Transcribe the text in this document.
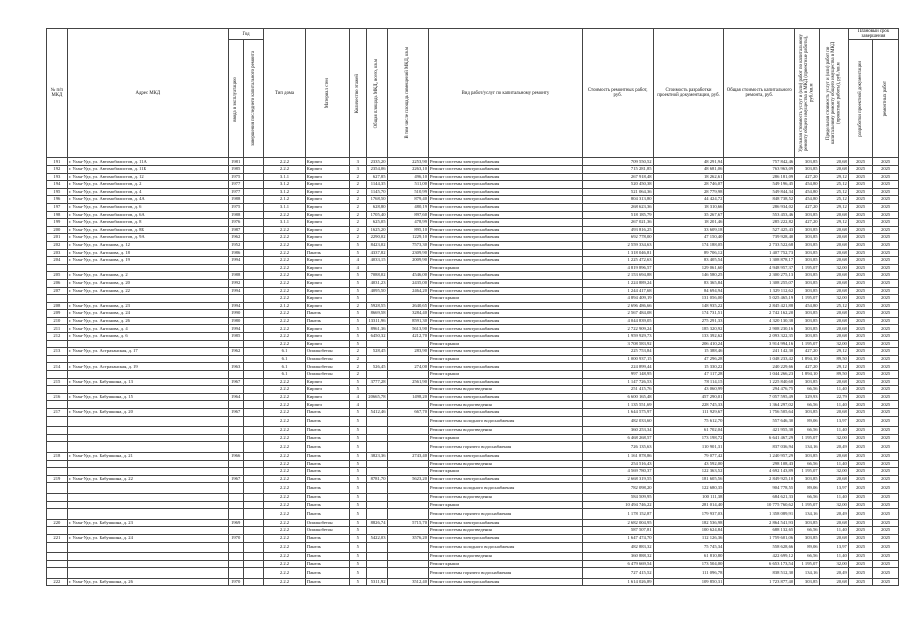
№ п/п МКД	Адрес МКД	Год		Тип дома	Материал стен	Количество этажей	Общая площадь МКД, всего, кв.м	В том числе площадь помещений МКД, кв.м	Вид работ/услуг по капитальному ремонту	Стоимость ремонтных работ, руб.	Стоимость разработки проектной документации, руб.	Общая стоимость капитального ремонта, руб.	Удельная стоимость услуг и (или) работ по капитальному ремонту общего имущества в МКД (проектные работы), руб./кв.м	Предельная стоимость услуг и (или) работ по капитальному ремонту общего имущества в МКД (проектные работы), руб./кв.м	Плановый срок завершения	

		ввода в эксплуатацию	завершения последнего капитального ремонта												разработки проектной документации	ремонтных работ

191	г. Улан-Удэ, ул. Автомобилистов, д. 11А	1981		2.2.2	Кирпич	3	2335,20	2253,90	Ремонт системы электроснабжения	709 550,52	48 291,94	757 842,46	303,85	20,68	2025	2025
192	г. Улан-Удэ, ул. Автомобилистов, д. 11Б	1985		2.2.2	Кирпич	3	2354,06	2263,10	Ремонт системы электроснабжения	715 281,85	48 681,06	763 963,09	303,85	20,68	2025	2025
193	г. Улан-Удэ, ул. Автомобилистов, д. 12	1975		3.1.1	Кирпич	2	627,85	496,10	Ремонт системы электроснабжения	267 918,48	18 262,61	286 181,09	427,20	29,12	2025	2025
194	г. Улан-Удэ, ул. Автомобилистов, д. 2	1977		3.1.2	Кирпич	2	1144,35	511,00	Ремонт системы электроснабжения	520 450,38	28 746,07	549 196,45	454,80	25,12	2025	2025
195	г. Улан-Удэ, ул. Автомобилистов, д. 4	1977		3.1.2	Кирпич	2	1145,70	510,99	Ремонт системы электроснабжения	521 064,36	28 779,98	549 844,34	454,80	25,12	2025	2025
196	г. Улан-Удэ, ул. Автомобилистов, д. 4А	1988		2.1.2	Кирпич	2	1768,50	879,40	Ремонт системы электроснабжения	804 313,80	44 424,72	848 738,52	454,80	25,12	2025	2025
197	г. Улан-Удэ, ул. Автомобилистов, д. 6	1975		3.1.1	Кирпич	2	628,80	480,19	Ремонт системы электроснабжения	268 623,36	18 310,66	286 934,02	427,20	29,12	2025	2025
198	г. Улан-Удэ, ул. Автомобилистов, д. 6А	1988		2.2.2	Кирпич	2	1705,40	897,60	Ремонт системы электроснабжения	518 185,79	35 267,67	553 453,46	303,85	20,68	2025	2025
199	г. Улан-Удэ, ул. Автомобилистов, д. 8	1976		3.1.1	Кирпич	2	625,05	478,99	Ремонт системы электроснабжения	267 021,36	18 201,46	285 222,82	427,20	29,12	2025	2025
200	г. Улан-Удэ, ул. Автомобилистов, д. 8Б	1987		2.2.2	Кирпич	2	1625,20	895,10	Ремонт системы электроснабжения	493 816,25	33 609,18	527 425,43	303,85	20,68	2025	2025
201	г. Улан-Удэ, ул. Автомобилистов, д. 9А	1962		2.2.2	Кирпич	2	2290,02	1229,10	Ремонт системы электроснабжения	692 778,00	47 150,40	739 928,40	303,85	20,68	2025	2025
202	г. Улан-Удэ, ул. Антонова, д. 12	1952		2.2.2	Кирпич	5	8423,02	7573,30	Ремонт системы электроснабжения	2 559 334,63	174 188,05	2 733 522,68	303,85	20,68	2025	2025
203	г. Улан-Удэ, ул. Антонова, д. 18	1986		2.2.2	Панель	5	4337,82	2309,90	Ремонт системы электроснабжения	1 318 046,81	89 706,12	1 407 752,73	303,85	20,68	2025	2025
204	г. Улан-Удэ, ул. Антонова, д. 19	1994		2.2.2	Кирпич	4	4033,15	2009,90	Ремонт системы электроснабжения	1 225 472,63	83 405,54	1 308 878,17	303,85	20,68	2025	2025
				2.2.2	Кирпич	4			Ремонт крыши	4 819 896,57	129 061,60	4 948 957,37	1 195,07	32,00	2025	2025
205	г. Улан-Удэ, ул. Антонова, д. 2	1988		2.2.2	Кирпич	5	7088,02	4546,00	Ремонт системы электроснабжения	2 153 694,88	146 580,25	2 300 275,13	303,85	20,68	2025	2025
206	г. Улан-Удэ, ул. Антонова, д. 20	1992		2.2.2	Кирпич	5	4031,23	2435,00	Ремонт системы электроснабжения	1 224 889,24	83 365,84	1 308 255,07	303,85	20,68	2025	2025
207	г. Улан-Удэ, ул. Антонова, д. 22	1994		2.2.2	Кирпич	5	4095,50	2464,20	Ремонт системы электроснабжения	1 244 417,68	84 694,94	1 329 112,62	303,85	20,68	2025	2025
				2.2.2	Кирпич	5			Ремонт крыши	4 894 409,19	131 056,00	5 025 465,19	1 195,07	32,00	2025	2025
208	г. Улан-Удэ, ул. Антонова, д. 23	1994		2.1.2	Кирпич	2	5928,55	2640,65	Ремонт системы электроснабжения	2 696 486,66	148 935,22	2 845 421,88	454,80	25,12	2025	2025
209	г. Улан-Удэ, ул. Антонова, д. 24	1990		2.2.2	Панель	5	8669,58	3284,40	Ремонт системы электроснабжения	2 567 484,08	174 731,51	2 742 162,20	303,85	20,68	2025	2025
210	г. Улан-Удэ, ул. Антонова, д. 26	1980		2.2.2	Панель	5	13311,96	8591,30	Ремонт системы электроснабжения	4 044 839,05	275 291,33	4 320 130,38	303,85	20,68	2025	2025
211	г. Улан-Удэ, ул. Антонова, д. 4	1994		2.2.2	Кирпич	5	8961,36	5613,90	Ремонт системы электроснабжения	2 722 909,24	185 320,92	2 908 230,16	303,85	20,68	2025	2025
212	г. Улан-Удэ, ул. Антонова, д. 6	1985		2.2.2	Кирпич	5	6450,32	4212,70	Ремонт системы электроснабжения	1 959 929,73	133 392,62	2 093 322,35	303,85	20,68	2025	2025
				2.2.2	Кирпич	5			Ремонт крыши	3 708 583,92	206 410,24	3 914 994,16	1 195,07	32,00	2025	2025
213	г. Улан-Удэ, ул. Астраханская, д. 17	1962		6.1	Опилкобетон	2	528,45	283,90	Ремонт системы электроснабжения	225 753,84	15 388,46	241 142,30	427,20	29,12	2025	2025
				6.1	Опилкобетон	2			Ремонт крыши	1 000 937,15	47 296,28	1 048 233,42	1 894,10	89,50	2025	2025
214	г. Улан-Удэ, ул. Астраханская, д. 19	1963		6.1	Опилкобетон	2	526,45	274,00	Ремонт системы электроснабжения	224 899,44	15 330,22	240 229,66	427,20	29,12	2025	2025
				6.1	Опилкобетон	2			Ремонт крыши	997 148,95	47 117,28	1 044 266,23	1 894,10	89,50	2025	2025
215	г. Улан-Удэ, ул. Бабушкина, д. 13	1967		2.2.2	Кирпич	5	3777,28	2561,90	Ремонт системы электроснабжения	1 147 726,53	78 114,15	1 225 840,68	303,85	20,68	2025	2025
				2.2.2	Кирпич	5			Ремонт системы водоотведения	251 415,76	43 060,99	294 476,75	66,56	11,40	2025	2025
216	г. Улан-Удэ, ул. Бабушкина, д. 15	1964		2.2.2	Кирпич	4	20665,78	1498,20	Ремонт системы электроснабжения	6 600 165,48	457 290,01	7 057 595,49	329,93	22,79	2025	2025
				2.2.2	Кирпич	4			Ремонт системы водоотведения	1 135 551,69	228 745,33	1 364 297,02	66,56	11,40	2025	2025
217	г. Улан-Удэ, ул. Бабушкина, д. 20	1967		2.2.2	Панель	5	5412,46	667,70	Ремонт системы электроснабжения	1 644 575,97	111 929,67	1 756 505,64	303,85	20,68	2025	2025
				2.2.2	Панель	5			Ремонт системы холодного водоснабжения	482 033,60	75 612,70	557 646,30	89,06	13,97	2025	2025
				2.2.2	Панель	5			Ремонт системы водоотведения	360 253,34	61 702,04	421 955,38	66,56	11,40	2025	2025
				2.2.2	Панель	5			Ремонт крыши	6 468 268,57	173 198,72	6 641 467,29	1 195,07	32,00	2025	2025
				2.2.2	Панель	5			Ремонт системы горячего водоснабжения	726 135,63	110 901,31	837 036,94	134,16	20,49	2025	2025
218	г. Улан-Удэ, ул. Бабушкина, д. 21	1966		2.2.2	Панель	5	3823,36	2743,40	Ремонт системы электроснабжения	1 161 878,86	79 077,42	1 240 957,29	303,85	20,68	2025	2025
				2.2.2	Панель	5			Ремонт системы водоотведения	254 516,43	43 592,00	298 108,43	66,56	11,40	2025	2025
				2.2.2	Панель	5			Ремонт крыши	4 569 780,37	122 363,52	4 692 143,89	1 195,07	32,00	2025	2025
219	г. Улан-Удэ, ул. Бабушкина, д. 22	1967		2.2.2	Панель	5	8781,70	5623,20	Ремонт системы электроснабжения	2 668 319,55	181 605,56	2 849 925,10	303,85	20,68	2025	2025
				2.2.2	Панель	5			Ремонт системы холодного водоснабжения	782 098,20	122 680,35	904 778,55	89,06	13,97	2025	2025
				2.2.2	Панель	5			Ремонт системы водоотведения	584 509,95	100 111,38	684 621,33	66,56	11,40	2025	2025
				2.2.2	Панель	5			Ремонт крыши	10 494 746,22	281 014,40	10 775 760,62	1 195,07	32,00	2025	2025
				2.2.2	Панель	5			Ремонт системы горячего водоснабжения	1 178 152,87	179 937,03	1 358 089,91	134,16	20,49	2025	2025
220	г. Улан-Удэ, ул. Бабушкина, д. 23	1969		2.2.2	Опилкобетон	5	8826,74	5715,70	Ремонт системы электроснабжения	2 682 004,95	182 536,98	2 864 541,93	303,85	20,68	2025	2025
				2.2.2	Опилкобетон	5			Ремонт системы водоотведения	587 507,81	100 624,84	688 132,65	66,56	11,40	2025	2025
221	г. Улан-Удэ, ул. Бабушкина, д. 24	1970		2.2.2	Панель	5	5422,03	3576,20	Ремонт системы электроснабжения	1 647 474,70	112 126,36	1 759 601,06	303,85	20,68	2025	2025
				2.2.2	Панель	5			Ремонт системы холодного водоснабжения	482 883,32	75 745,34	558 628,66	89,06	13,97	2025	2025
				2.2.2	Панель	5			Ремонт системы водоотведения	360 888,32	61 810,80	422 699,12	66,56	11,40	2025	2025
				2.2.2	Панель	5			Ремонт крыши	6 479 669,54	173 504,00	6 653 173,54	1 195,07	32,00	2025	2025
				2.2.2	Панель	5			Ремонт системы горячего водоснабжения	727 415,52	111 096,78	838 512,30	134,16	20,49	2025	2025
222	г. Улан-Удэ, ул. Бабушкина, д. 26	1970		2.2.2	Панель	5	5311,92	3512,40	Ремонт системы электроснабжения	1 614 026,89	109 850,31	1 723 877,40	303,85	20,68	2025	2025
